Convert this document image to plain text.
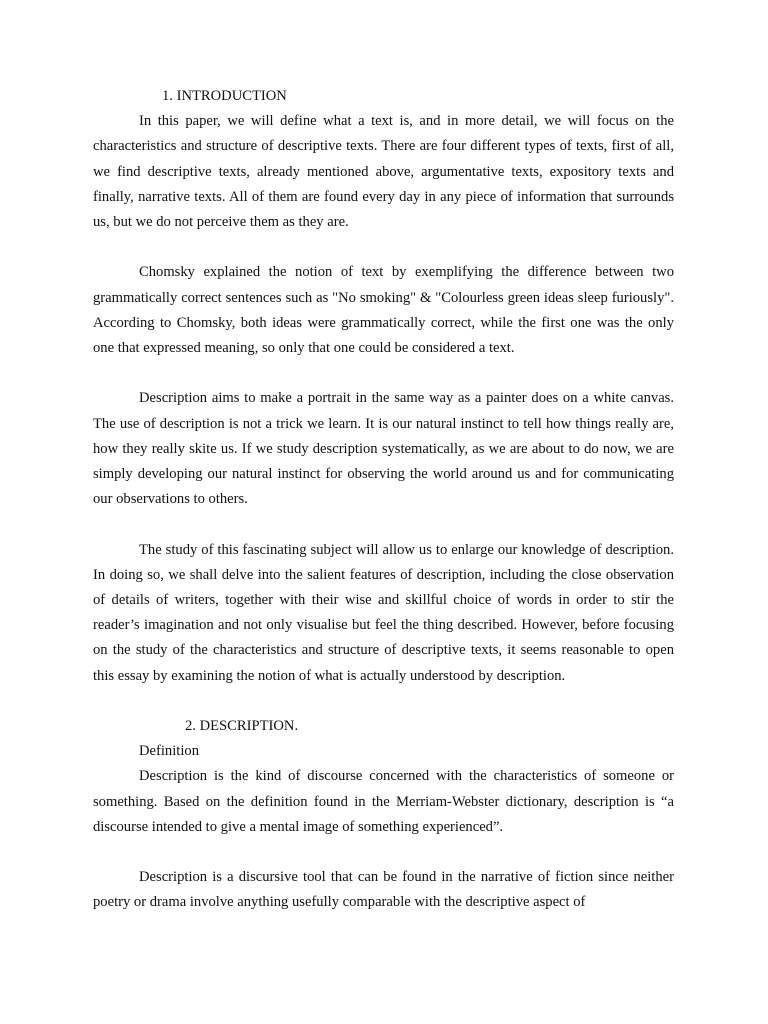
1. INTRODUCTION

In this paper, we will define what a text is, and in more detail, we will focus on the characteristics and structure of descriptive texts. There are four different types of texts, first of all, we find descriptive texts, already mentioned above, argumentative texts, expository texts and finally, narrative texts. All of them are found every day in any piece of information that surrounds us, but we do not perceive them as they are.

Chomsky explained the notion of text by exemplifying the difference between two grammatically correct sentences such as "No smoking" & "Colourless green ideas sleep furiously". According to Chomsky, both ideas were grammatically correct, while the first one was the only one that expressed meaning, so only that one could be considered a text.

Description aims to make a portrait in the same way as a painter does on a white canvas. The use of description is not a trick we learn. It is our natural instinct to tell how things really are, how they really skite us. If we study description systematically, as we are about to do now, we are simply developing our natural instinct for observing the world around us and for communicating our observations to others.

The study of this fascinating subject will allow us to enlarge our knowledge of description. In doing so, we shall delve into the salient features of description, including the close observation of details of writers, together with their wise and skillful choice of words in order to stir the reader’s imagination and not only visualise but feel the thing described. However, before focusing on the study of the characteristics and structure of descriptive texts, it seems reasonable to open this essay by examining the notion of what is actually understood by description.

2. DESCRIPTION.
Definition

Description is the kind of discourse concerned with the characteristics of someone or something. Based on the definition found in the Merriam-Webster dictionary, description is “a discourse intended to give a mental image of something experienced”.

Description is a discursive tool that can be found in the narrative of fiction since neither poetry or drama involve anything usefully comparable with the descriptive aspect of
